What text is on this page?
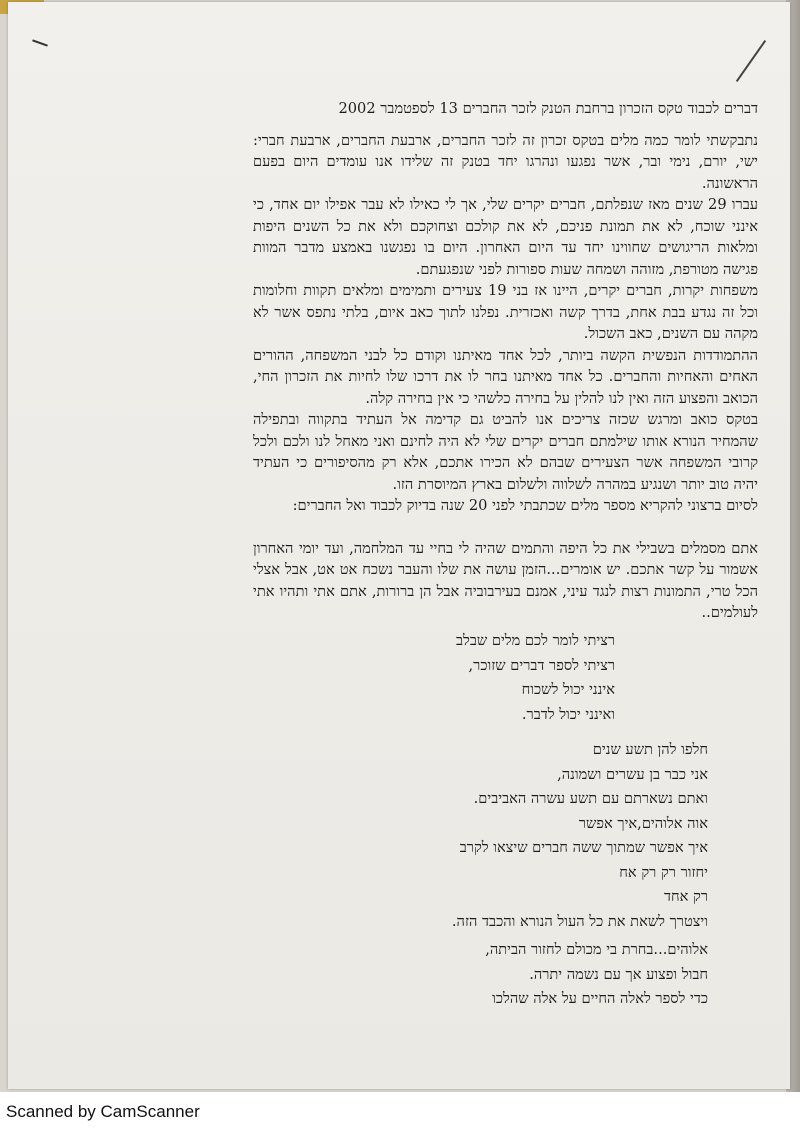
דברים לכבוד טקס הזכרון ברחבת הטנק לזכר החברים 13 לספטמבר 2002

נתבקשתי לומר כמה מלים בטקס זכרון זה לזכר החברים, ארבעת החברים, ארבעת חברי: ישי, יורם, נימי ובר, אשר נפגעו ונהרגו יחד בטנק זה שלידו אנו עומדים היום בפעם הראשונה.

עברו 29 שנים מאז שנפלתם, חברים יקרים שלי, אך לי כאילו לא עבר אפילו יום אחד, כי אינני שוכח, לא את תמונת פניכם, לא את קולכם וצחוקכם ולא את כל השנים היפות ומלאות הריגושים שחווינו יחד עד היום האחרון. היום בו נפגשנו באמצע מדבר המוות פגישה מטורפת, מזוהה ושמחה שעות ספורות לפני שנפגעתם.

משפחות יקרות, חברים יקרים, היינו אז בני 19 צעירים ותמימים ומלאים תקוות וחלומות וכל זה נגדע בבת אחת, בדרך קשה ואכזרית. נפלנו לתוך כאב איום, בלתי נתפס אשר לא מקהה עם השנים, כאב השכול.

ההתמודדות הנפשית הקשה ביותר, לכל אחד מאיתנו וקודם כל לבני המשפחה, ההורים האחים והאחיות והחברים. כל אחד מאיתנו בחר לו את דרכו שלו לחיות את הזכרון החי, הכואב והפצוע הזה ואין לנו להלין על בחירה כלשהי כי אין בחירה קלה.

בטקס כואב ומרגש שכזה צריכים אנו להביט גם קדימה אל העתיד בתקווה ובתפילה שהמחיר הנורא אותו שילמתם חברים יקרים שלי לא היה לחינם ואני מאחל לנו ולכם ולכל קרובי המשפחה אשר הצעירים שבהם לא הכירו אתכם, אלא רק מהסיפורים כי העתיד יהיה טוב יותר ושנגיע במהרה לשלווה ולשלום בארץ המיוסרת הזו.

לסיום ברצוני להקריא מספר מלים שכתבתי לפני 20 שנה בדיוק לכבוד ואל החברים:

אתם מסמלים בשבילי את כל היפה והתמים שהיה לי בחיי עד המלחמה, ועד יומי האחרון אשמור על קשר אתכם. יש אומרים...הזמן עושה את שלו והעבר נשכח אט אט, אבל אצלי הכל טרי, התמונות רצות לנגד עיני, אמנם בעירבוביה אבל הן ברורות, אתם אתי ותהיו אתי לעולמים..

רציתי לומר לכם מלים שבלב

רציתי לספר דברים שזוכר,

אינני יכול לשכוח

ואינני יכול לדבר.

חלפו להן תשע שנים

אני כבר בן עשרים ושמונה,

ואתם נשארתם עם תשע עשרה האביבים.

אוה אלוהים,איך אפשר

איך אפשר שמתוך ששה חברים שיצאו לקרב

יחזור רק רק אח

רק אחד

ויצטרך לשאת את כל העול הנורא והכבד הזה.

אלוהים...בחרת בי מכולם לחזור הביתה,

חבול ופצוע אך עם נשמה יתרה.

כדי לספר לאלה החיים על אלה שהלכו

Scanned by CamScanner
